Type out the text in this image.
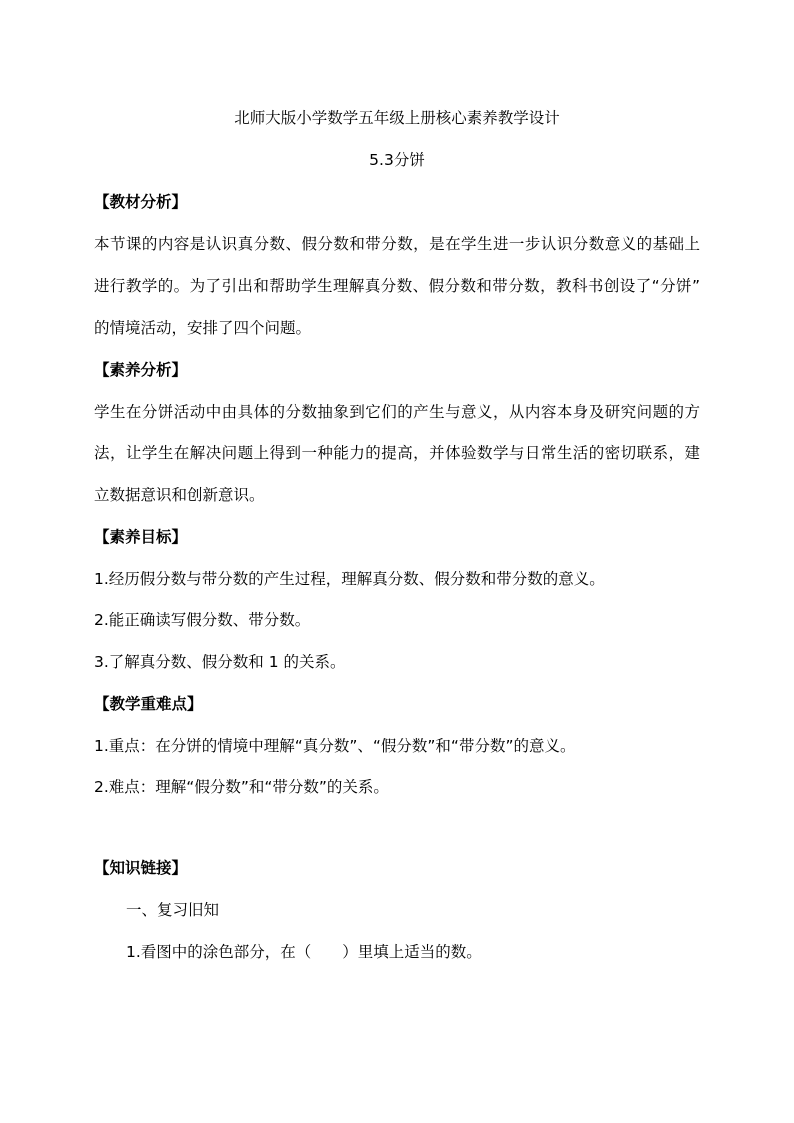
北师大版小学数学五年级上册核心素养教学设计
5.3分饼
【教材分析】
本节课的内容是认识真分数、假分数和带分数，是在学生进一步认识分数意义的基础上
进行教学的。为了引出和帮助学生理解真分数、假分数和带分数，教科书创设了“分饼”
的情境活动，安排了四个问题。
【素养分析】
学生在分饼活动中由具体的分数抽象到它们的产生与意义，从内容本身及研究问题的方
法，让学生在解决问题上得到一种能力的提高，并体验数学与日常生活的密切联系，建
立数据意识和创新意识。
【素养目标】
1.经历假分数与带分数的产生过程，理解真分数、假分数和带分数的意义。
2.能正确读写假分数、带分数。
3.了解真分数、假分数和 1 的关系。
【教学重难点】
1.重点：在分饼的情境中理解“真分数”、“假分数”和“带分数”的意义。
2.难点：理解“假分数”和“带分数”的关系。
【知识链接】
一、复习旧知
1.看图中的涂色部分，在（　　）里填上适当的数。
